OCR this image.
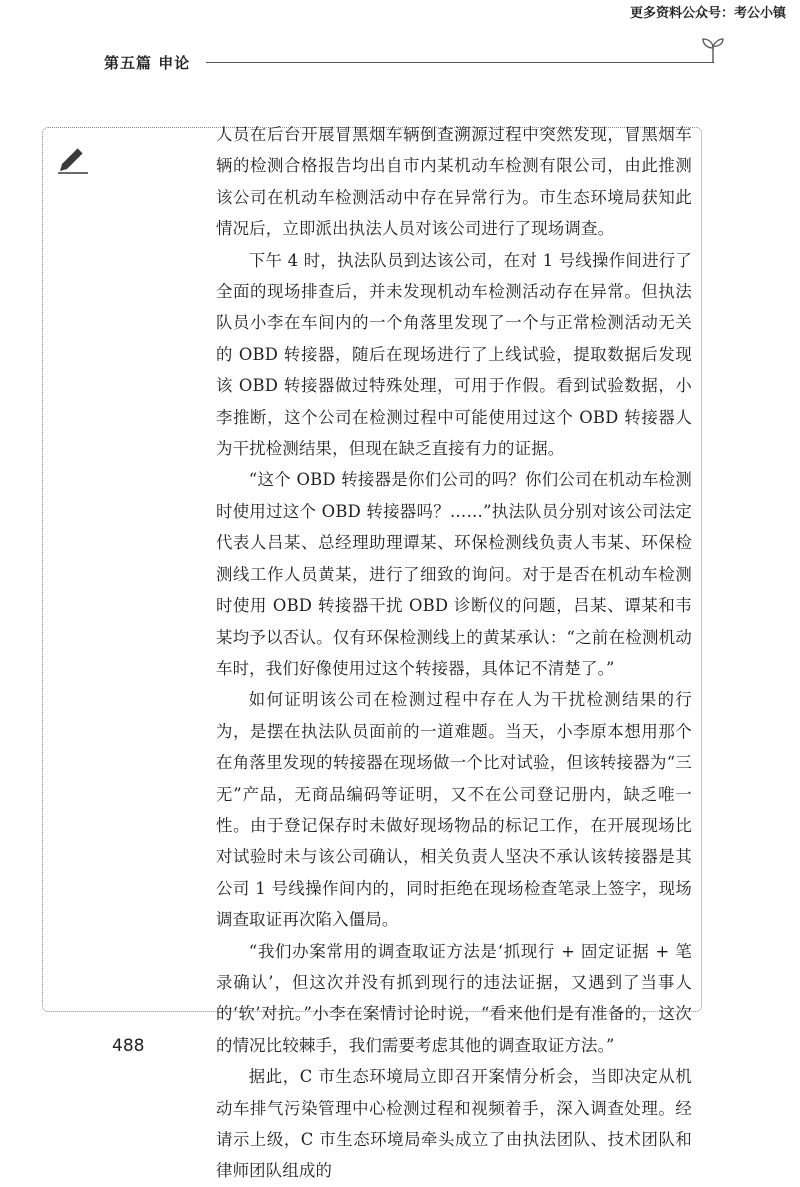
更多资料公众号：考公小镇
第五篇 申论

人员在后台开展冒黑烟车辆倒查溯源过程中突然发现，冒黑烟车辆的检测合格报告均出自市内某机动车检测有限公司，由此推测该公司在机动车检测活动中存在异常行为。市生态环境局获知此情况后，立即派出执法人员对该公司进行了现场调查。

下午 4 时，执法队员到达该公司，在对 1 号线操作间进行了全面的现场排查后，并未发现机动车检测活动存在异常。但执法队员小李在车间内的一个角落里发现了一个与正常检测活动无关的 OBD 转接器，随后在现场进行了上线试验，提取数据后发现该 OBD 转接器做过特殊处理，可用于作假。看到试验数据，小李推断，这个公司在检测过程中可能使用过这个 OBD 转接器人为干扰检测结果，但现在缺乏直接有力的证据。

“这个 OBD 转接器是你们公司的吗？你们公司在机动车检测时使用过这个 OBD 转接器吗？……”执法队员分别对该公司法定代表人吕某、总经理助理谭某、环保检测线负责人韦某、环保检测线工作人员黄某，进行了细致的询问。对于是否在机动车检测时使用 OBD 转接器干扰 OBD 诊断仪的问题，吕某、谭某和韦某均予以否认。仅有环保检测线上的黄某承认：“之前在检测机动车时，我们好像使用过这个转接器，具体记不清楚了。”

如何证明该公司在检测过程中存在人为干扰检测结果的行为，是摆在执法队员面前的一道难题。当天，小李原本想用那个在角落里发现的转接器在现场做一个比对试验，但该转接器为“三无”产品，无商品编码等证明，又不在公司登记册内，缺乏唯一性。由于登记保存时未做好现场物品的标记工作，在开展现场比对试验时未与该公司确认，相关负责人坚决不承认该转接器是其公司 1 号线操作间内的，同时拒绝在现场检查笔录上签字，现场调查取证再次陷入僵局。

“我们办案常用的调查取证方法是‘抓现行 + 固定证据 + 笔录确认’，但这次并没有抓到现行的违法证据，又遇到了当事人的‘软’对抗。”小李在案情讨论时说，“看来他们是有准备的，这次的情况比较棘手，我们需要考虑其他的调查取证方法。”

据此，C 市生态环境局立即召开案情分析会，当即决定从机动车排气污染管理中心检测过程和视频着手，深入调查处理。经请示上级，C 市生态环境局牵头成立了由执法团队、技术团队和律师团队组成的

488
